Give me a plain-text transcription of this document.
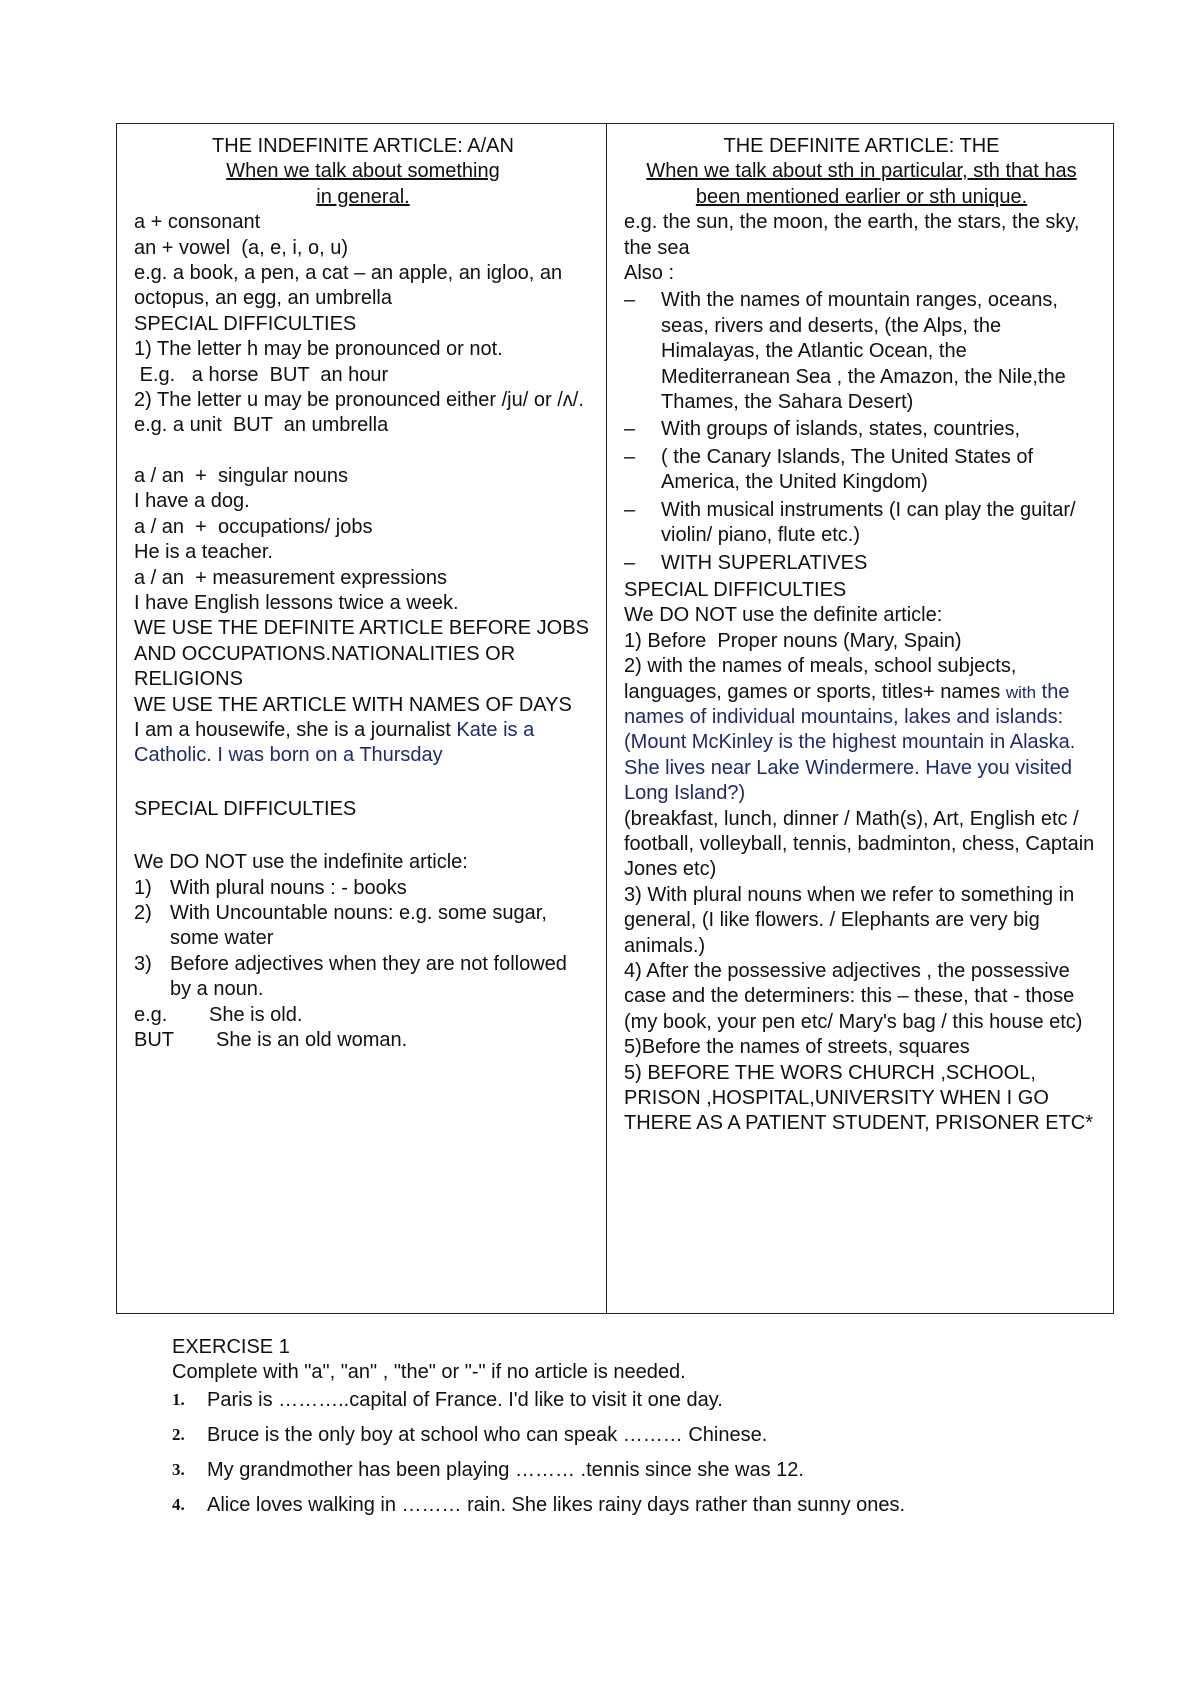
THE INDEFINITE ARTICLE: A/AN
When we talk about something
in general.

a + consonant

an + vowel  (a, e, i, o, u)

e.g. a book, a pen, a cat – an apple, an igloo, an octopus, an egg, an umbrella

SPECIAL DIFFICULTIES

1) The letter h may be pronounced or not.

E.g.   a horse  BUT  an hour

2) The letter u may be pronounced either /ju/ or /ʌ/.

e.g. a unit  BUT  an umbrella

a / an  +  singular nouns

I have a dog.

a / an  +  occupations/ jobs

He is a teacher.

a / an  + measurement expressions

I have English lessons twice a week.

WE USE THE DEFINITE ARTICLE BEFORE JOBS AND OCCUPATIONS.NATIONALITIES OR RELIGIONS

WE USE THE ARTICLE WITH NAMES OF DAYS

I am a housewife, she is a journalist Kate is a Catholic. I was born on a Thursday

SPECIAL DIFFICULTIES

We DO NOT use the indefinite article:

1) With plural nouns : - books
2) With Uncountable nouns: e.g. some sugar, some water
3) Before adjectives when they are not followed by a noun.
e.g.	She is old.
BUT	She is an old woman.

THE DEFINITE ARTICLE: THE
When we talk about sth in particular, sth that has been mentioned earlier or sth unique.

e.g. the sun, the moon, the earth, the stars, the sky, the sea

Also :

– With the names of mountain ranges, oceans, seas, rivers and deserts, (the Alps, the Himalayas, the Atlantic Ocean, the Mediterranean Sea , the Amazon, the Nile,the Thames, the Sahara Desert)
– With groups of islands, states, countries,
– ( the Canary Islands, The United States of America, the United Kingdom)
– With musical instruments (I can play the guitar/ violin/ piano, flute etc.)
– WITH SUPERLATIVES

SPECIAL DIFFICULTIES

We DO NOT use the definite article:

1) Before  Proper nouns (Mary, Spain)

2) with the names of meals, school subjects, languages, games or sports, titles+ names with the names of individual mountains, lakes and islands:(Mount McKinley is the highest mountain in Alaska. She lives near Lake Windermere. Have you visited Long Island?)

(breakfast, lunch, dinner / Math(s), Art, English etc / football, volleyball, tennis, badminton, chess, Captain Jones etc)

3) With plural nouns when we refer to something in general, (I like flowers. / Elephants are very big animals.)

4) After the possessive adjectives , the possessive case and the determiners: this – these, that - those

(my book, your pen etc/ Mary's bag / this house etc)

5)Before the names of streets, squares

5) BEFORE THE WORS CHURCH ,SCHOOL, PRISON ,HOSPITAL,UNIVERSITY WHEN I GO THERE AS A PATIENT STUDENT, PRISONER ETC*

EXERCISE 1
Complete with "a", "an" , "the" or "-" if no article is needed.
1.	Paris is ………..capital of France. I'd like to visit it one day.
2.	Bruce is the only boy at school who can speak ……… Chinese.
3.	My grandmother has been playing ……… .tennis since she was 12.
4.	Alice loves walking in ……… rain. She likes rainy days rather than sunny ones.
